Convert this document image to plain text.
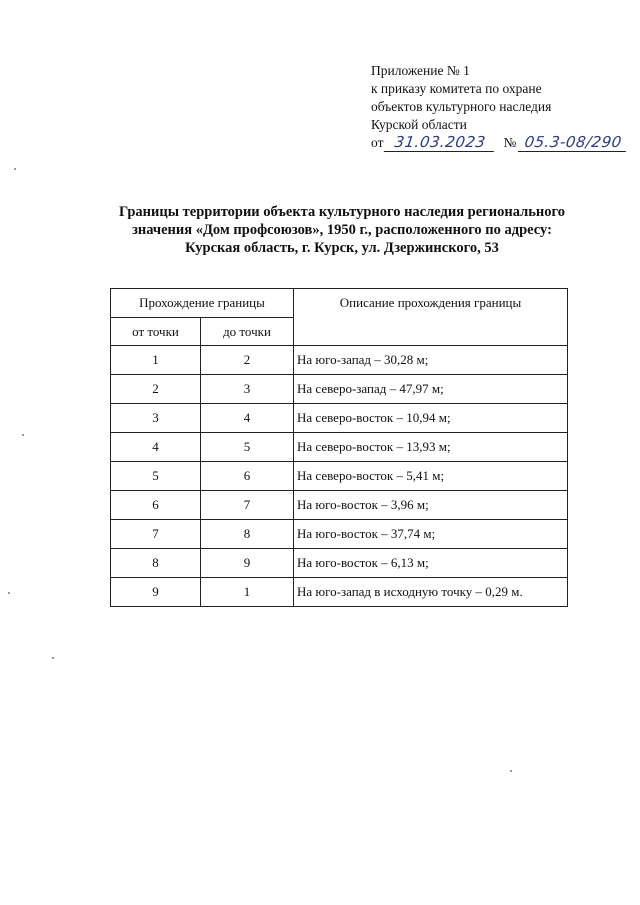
Приложение № 1
к приказу комитета по охране
объектов культурного наследия
Курской области
от 31.03.2023	№ 05.3-08/290
Границы территории объекта культурного наследия регионального
значения «Дом профсоюзов», 1950 г., расположенного по адресу:
Курская область, г. Курск, ул. Дзержинского, 53
Прохождение границы		Описание прохождения границы
от точки	до точки	
1	2	На юго-запад – 30,28 м;
2	3	На северо-запад – 47,97 м;
3	4	На северо-восток – 10,94 м;
4	5	На северо-восток – 13,93 м;
5	6	На северо-восток – 5,41 м;
6	7	На юго-восток – 3,96 м;
7	8	На юго-восток – 37,74 м;
8	9	На юго-восток – 6,13 м;
9	1	На юго-запад в исходную точку – 0,29 м.
